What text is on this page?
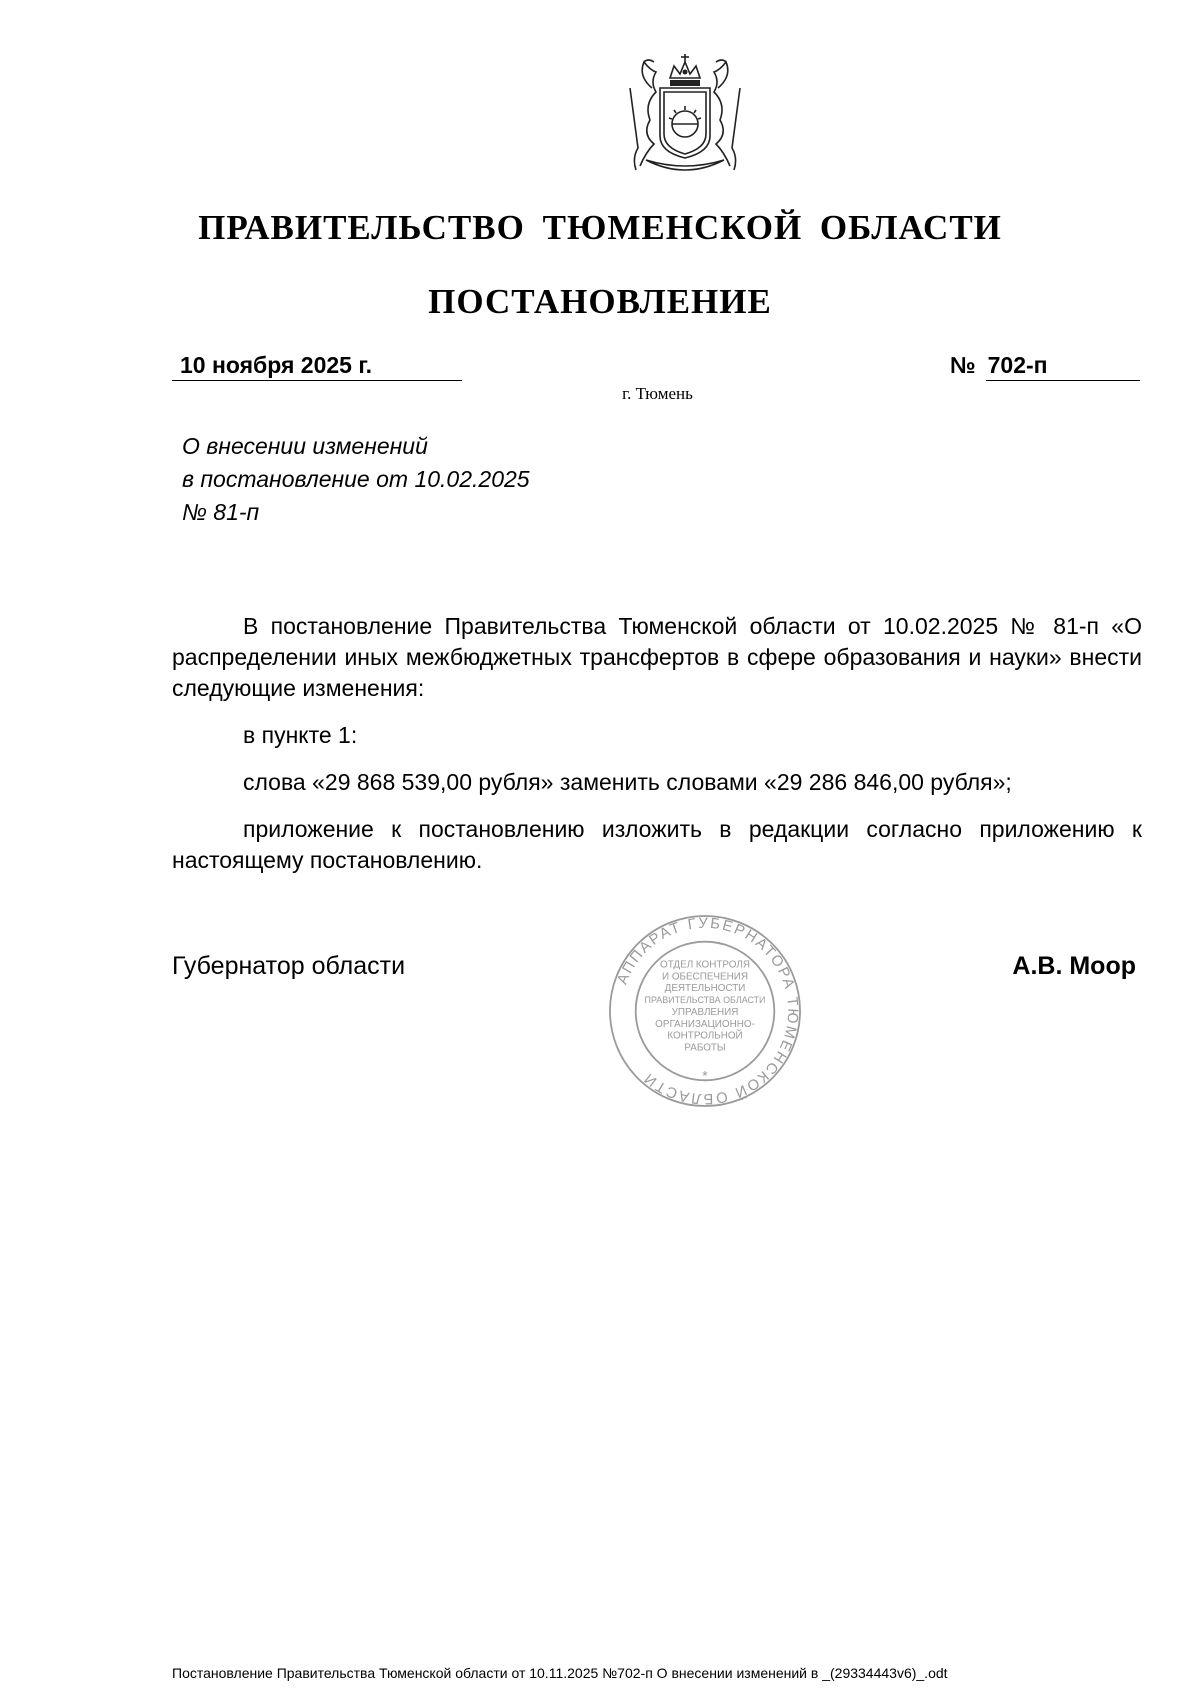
ПРАВИТЕЛЬСТВО ТЮМЕНСКОЙ ОБЛАСТИ
ПОСТАНОВЛЕНИЕ
10 ноября 2025 г.	№ 702-п
г. Тюмень
О внесении изменений
в постановление от 10.02.2025
№ 81-п

В постановление Правительства Тюменской области от 10.02.2025 № 81-п «О распределении иных межбюджетных трансфертов в сфере образования и науки» внести следующие изменения:

в пункте 1:

слова «29 868 539,00 рубля» заменить словами «29 286 846,00 рубля»;

приложение к постановлению изложить в редакции согласно приложению к настоящему постановлению.

Губернатор области	АППАРАТ ГУБЕРНАТОРА ТЮМЕНСКОЙ ОБЛАСТИ	*
ОТДЕЛ КОНТРОЛЯ
И ОБЕСПЕЧЕНИЯ
ДЕЯТЕЛЬНОСТИ
ПРАВИТЕЛЬСТВА ОБЛАСТИ
УПРАВЛЕНИЯ
ОРГАНИЗАЦИОННО-
КОНТРОЛЬНОЙ
РАБОТЫ
А.В. Моор
Постановление Правительства Тюменской области от 10.11.2025 №702-п О внесении изменений в _(29334443v6)_.odt
